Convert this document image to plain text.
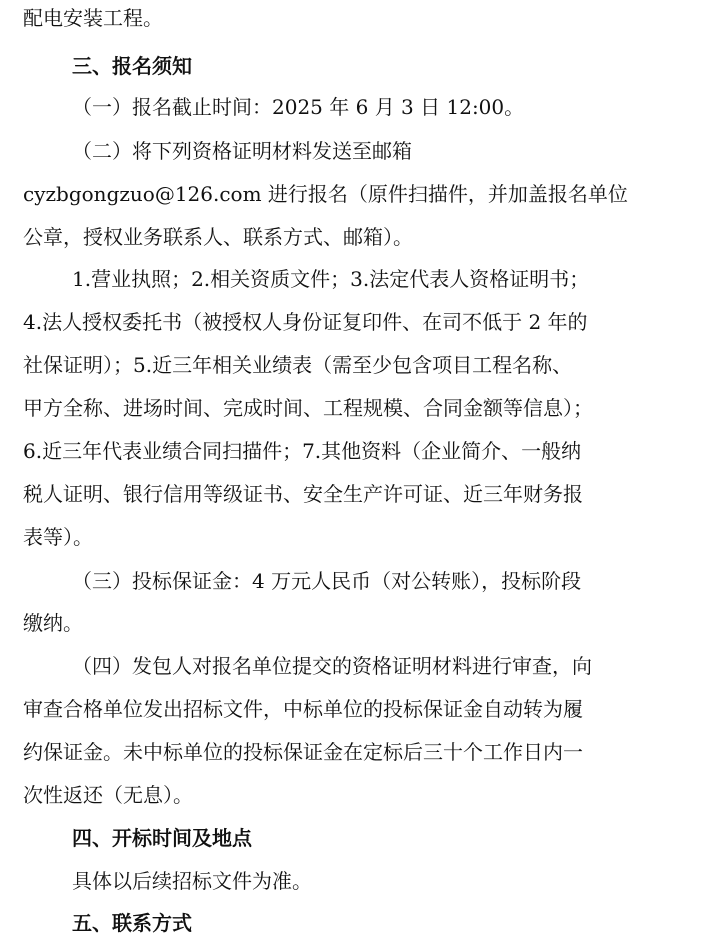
配电安装工程。
三、报名须知
（一）报名截止时间：2025 年 6 月 3 日 12:00。
（二）将下列资格证明材料发送至邮箱
cyzbgongzuo@126.com 进行报名（原件扫描件，并加盖报名单位
公章，授权业务联系人、联系方式、邮箱）。
1.营业执照；2.相关资质文件；3.法定代表人资格证明书；
4.法人授权委托书（被授权人身份证复印件、在司不低于 2 年的
社保证明）；5.近三年相关业绩表（需至少包含项目工程名称、
甲方全称、进场时间、完成时间、工程规模、合同金额等信息）；
6.近三年代表业绩合同扫描件；7.其他资料（企业简介、一般纳
税人证明、银行信用等级证书、安全生产许可证、近三年财务报
表等）。
（三）投标保证金：4 万元人民币（对公转账），投标阶段
缴纳。
（四）发包人对报名单位提交的资格证明材料进行审查，向
审查合格单位发出招标文件，中标单位的投标保证金自动转为履
约保证金。未中标单位的投标保证金在定标后三十个工作日内一
次性返还（无息）。
四、开标时间及地点
具体以后续招标文件为准。
五、联系方式
